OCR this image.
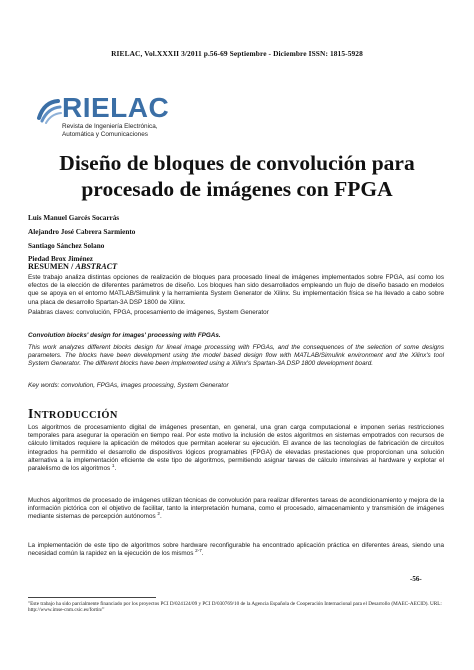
RIELAC, Vol.XXXII 3/2011 p.56-69 Septiembre - Diciembre ISSN: 1815-5928
RIELAC
Revista de Ingeniería Electrónica,
Automática y Comunicaciones
Diseño de bloques de convolución para
procesado de imágenes con FPGA
Luis Manuel Garcés Socarrás
Alejandro José Cabrera Sarmiento
Santiago Sánchez Solano
Piedad Brox Jiménez
RESUMEN / ABSTRACT
Este trabajo analiza distintas opciones de realización de bloques para procesado lineal de imágenes implementados sobre FPGA, así como los efectos de la elección de diferentes parámetros de diseño. Los bloques han sido desarrollados empleando un flujo de diseño basado en modelos que se apoya en el entorno MATLAB/Simulink y la herramienta System Generator de Xilinx. Su implementación física se ha llevado a cabo sobre una placa de desarrollo Spartan-3A DSP 1800 de Xilinx.
Palabras claves: convolución, FPGA, procesamiento de imágenes, System Generator
Convolution blocks' design for images' processing with FPGAs.
This work analyzes different blocks design for lineal image processing with FPGAs, and the consequences of the selection of some designs parameters. The blocks have been development using the model based design flow with MATLAB/Simulink environment and the Xilinx's tool System Generator. The different blocks have been implemented using a Xilinx's Spartan-3A DSP 1800 development board.
Key words: convolution, FPGAs, images processing, System Generator
INTRODUCCIÓN
Los algoritmos de procesamiento digital de imágenes presentan, en general, una gran carga computacional e imponen serias restricciones temporales para asegurar la operación en tiempo real. Por este motivo la inclusión de estos algoritmos en sistemas empotrados con recursos de cálculo limitados requiere la aplicación de métodos que permitan acelerar su ejecución. El avance de las tecnologías de fabricación de circuitos integrados ha permitido el desarrollo de dispositivos lógicos programables (FPGA) de elevadas prestaciones que proporcionan una solución alternativa a la implementación eficiente de este tipo de algoritmos, permitiendo asignar tareas de cálculo intensivas al hardware y explotar el paralelismo de los algoritmos $^1$.
Muchos algoritmos de procesado de imágenes utilizan técnicas de convolución para realizar diferentes tareas de acondicionamiento y mejora de la información pictórica con el objetivo de facilitar, tanto la interpretación humana, como el procesado, almacenamiento y transmisión de imágenes mediante sistemas de percepción autónomos $^2$.
La implementación de este tipo de algoritmos sobre hardware reconfigurable ha encontrado aplicación práctica en diferentes áreas, siendo una necesidad común la rapidez en la ejecución de los mismos $^{2-7}$.
-56-
"Este trabajo ha sido parcialmente financiado por los proyectos PCI D/024124/09 y PCI D/030769/10 de la Agencia Española de Cooperación Internacional para el Desarrollo (MAEC-AECID). URL: http://www.imse-cnm.csic.es/fortin/"
